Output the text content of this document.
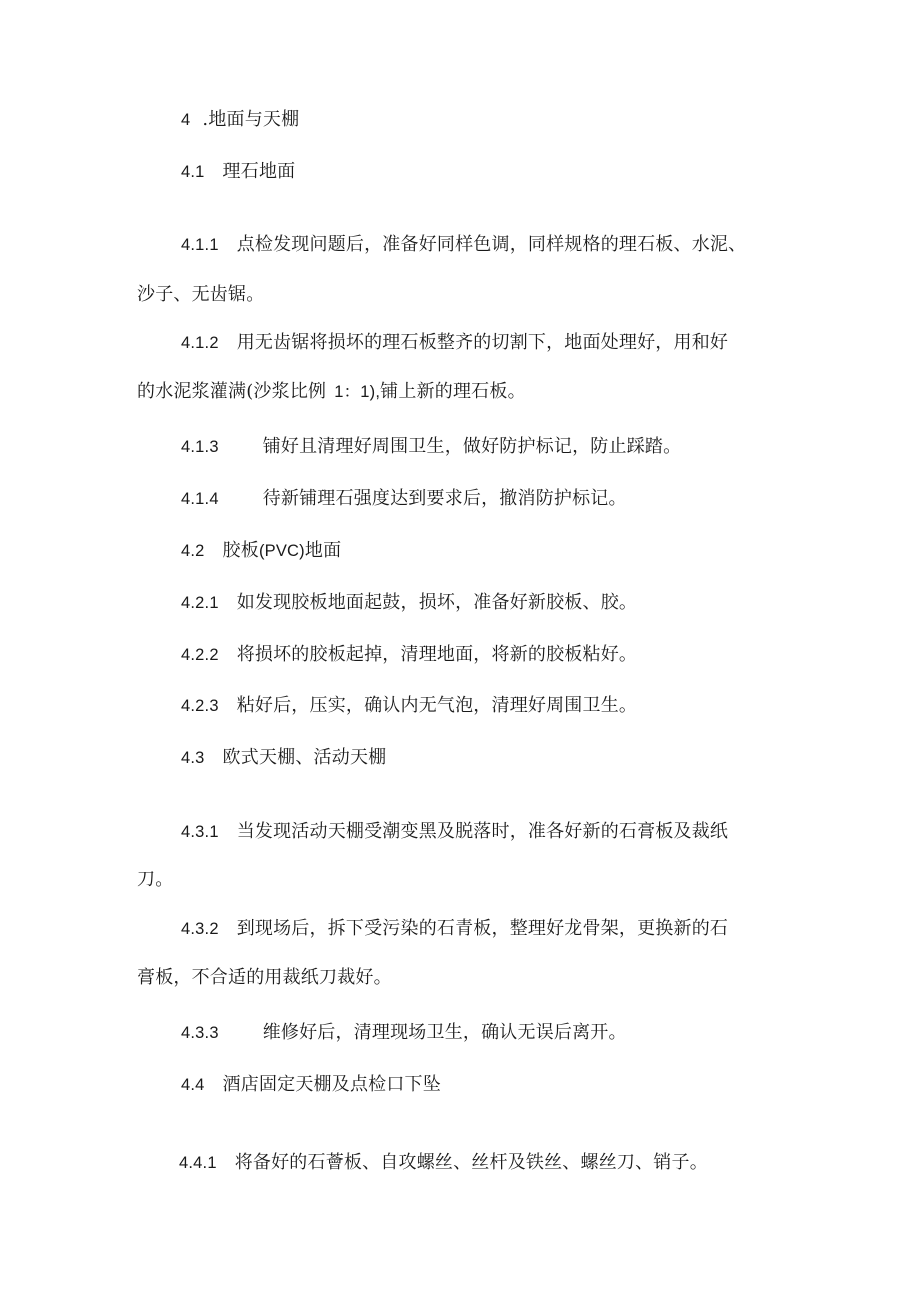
4 .地面与天棚
4.1 理石地面
4.1.1 点检发现问题后，准备好同样色调，同样规格的理石板、水泥、
沙子、无齿锯。
4.1.2 用无齿锯将损坏的理石板整齐的切割下，地面处理好，用和好
的水泥浆灌满(沙浆比例 1：1),铺上新的理石板。
4.1.3 铺好且清理好周围卫生，做好防护标记，防止踩踏。
4.1.4 待新铺理石强度达到要求后，撤消防护标记。
4.2 胶板(PVC)地面
4.2.1 如发现胶板地面起鼓，损坏，准备好新胶板、胶。
4.2.2 将损坏的胶板起掉，清理地面，将新的胶板粘好。
4.2.3 粘好后，压实，确认内无气泡，清理好周围卫生。
4.3 欧式天棚、活动天棚
4.3.1 当发现活动天棚受潮变黑及脱落时，准各好新的石膏板及裁纸
刀。
4.3.2 到现场后，拆下受污染的石青板，整理好龙骨架，更换新的石
膏板，不合适的用裁纸刀裁好。
4.3.3 维修好后，清理现场卫生，确认无误后离开。
4.4 酒店固定天棚及点检口下坠
4.4.1 将备好的石薈板、自攻螺丝、丝杆及铁丝、螺丝刀、销子。
